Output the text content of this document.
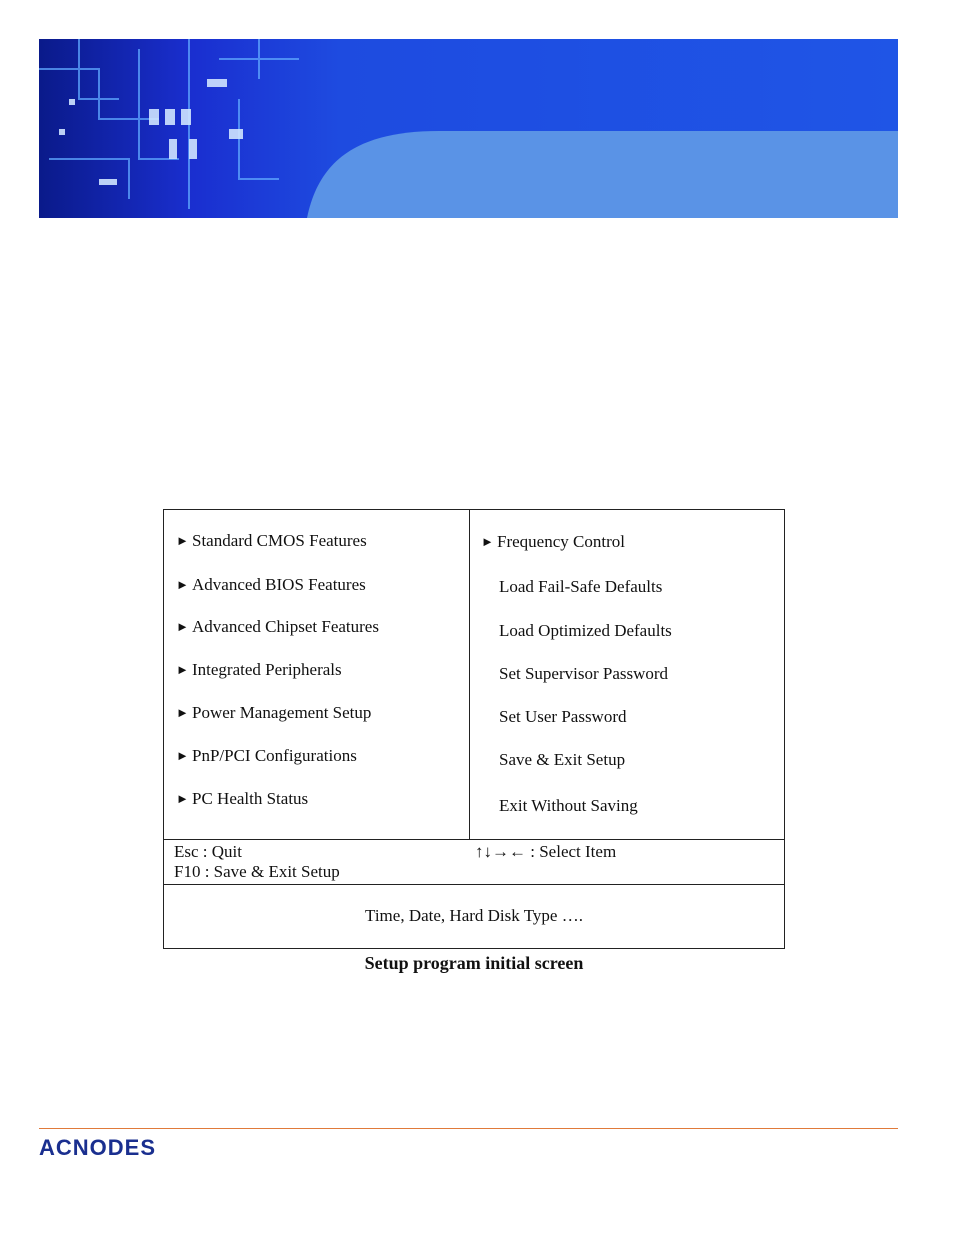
► Standard CMOS Features
► Advanced BIOS Features
► Advanced Chipset Features
► Integrated Peripherals
► Power Management Setup
► PnP/PCI Configurations
► PC Health Status
► Frequency Control
Load Fail-Safe Defaults
Load Optimized Defaults
Set Supervisor Password
Set User Password
Save & Exit Setup
Exit Without Saving
Esc : Quit
F10 : Save & Exit Setup
↑↓→← : Select Item
Time, Date, Hard Disk Type ….
Setup program initial screen
ACNODES
